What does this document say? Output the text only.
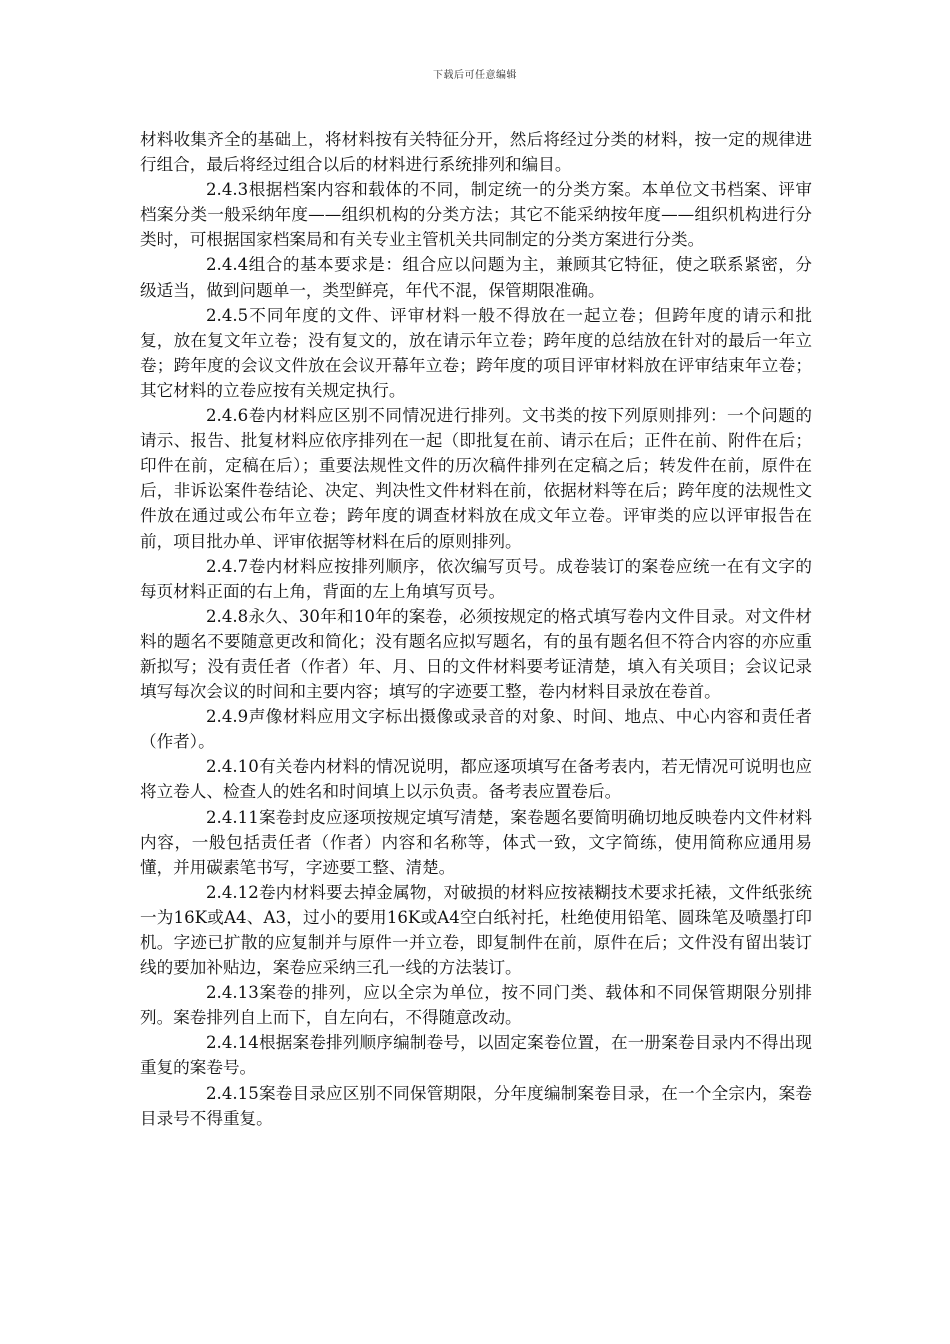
下载后可任意编辑

材料收集齐全的基础上，将材料按有关特征分开，然后将经过分类的材料，按一定的规律进行组合，最后将经过组合以后的材料进行系统排列和编目。

2.4.3根据档案内容和载体的不同，制定统一的分类方案。本单位文书档案、评审档案分类一般采纳年度——组织机构的分类方法；其它不能采纳按年度——组织机构进行分类时，可根据国家档案局和有关专业主管机关共同制定的分类方案进行分类。

2.4.4组合的基本要求是：组合应以问题为主，兼顾其它特征，使之联系紧密，分级适当，做到问题单一，类型鲜亮，年代不混，保管期限准确。

2.4.5不同年度的文件、评审材料一般不得放在一起立卷；但跨年度的请示和批复，放在复文年立卷；没有复文的，放在请示年立卷；跨年度的总结放在针对的最后一年立卷；跨年度的会议文件放在会议开幕年立卷；跨年度的项目评审材料放在评审结束年立卷；其它材料的立卷应按有关规定执行。

2.4.6卷内材料应区别不同情况进行排列。文书类的按下列原则排列：一个问题的请示、报告、批复材料应依序排列在一起（即批复在前、请示在后；正件在前、附件在后；印件在前，定稿在后）；重要法规性文件的历次稿件排列在定稿之后；转发件在前，原件在后，非诉讼案件卷结论、决定、判决性文件材料在前，依据材料等在后；跨年度的法规性文件放在通过或公布年立卷；跨年度的调查材料放在成文年立卷。评审类的应以评审报告在前，项目批办单、评审依据等材料在后的原则排列。

2.4.7卷内材料应按排列顺序，依次编写页号。成卷装订的案卷应统一在有文字的每页材料正面的右上角，背面的左上角填写页号。

2.4.8永久、30年和10年的案卷，必须按规定的格式填写卷内文件目录。对文件材料的题名不要随意更改和简化；没有题名应拟写题名，有的虽有题名但不符合内容的亦应重新拟写；没有责任者（作者）年、月、日的文件材料要考证清楚，填入有关项目；会议记录填写每次会议的时间和主要内容；填写的字迹要工整，卷内材料目录放在卷首。

2.4.9声像材料应用文字标出摄像或录音的对象、时间、地点、中心内容和责任者（作者）。

2.4.10有关卷内材料的情况说明，都应逐项填写在备考表内，若无情况可说明也应将立卷人、检查人的姓名和时间填上以示负责。备考表应置卷后。

2.4.11案卷封皮应逐项按规定填写清楚，案卷题名要简明确切地反映卷内文件材料内容，一般包括责任者（作者）内容和名称等，体式一致，文字简练，使用简称应通用易懂，并用碳素笔书写，字迹要工整、清楚。

2.4.12卷内材料要去掉金属物，对破损的材料应按裱糊技术要求托裱，文件纸张统一为16K或A4、A3，过小的要用16K或A4空白纸衬托，杜绝使用铅笔、圆珠笔及喷墨打印机。字迹已扩散的应复制并与原件一并立卷，即复制件在前，原件在后；文件没有留出装订线的要加补贴边，案卷应采纳三孔一线的方法装订。

2.4.13案卷的排列，应以全宗为单位，按不同门类、载体和不同保管期限分别排列。案卷排列自上而下，自左向右，不得随意改动。

2.4.14根据案卷排列顺序编制卷号，以固定案卷位置，在一册案卷目录内不得出现重复的案卷号。

2.4.15案卷目录应区别不同保管期限，分年度编制案卷目录，在一个全宗内，案卷目录号不得重复。
